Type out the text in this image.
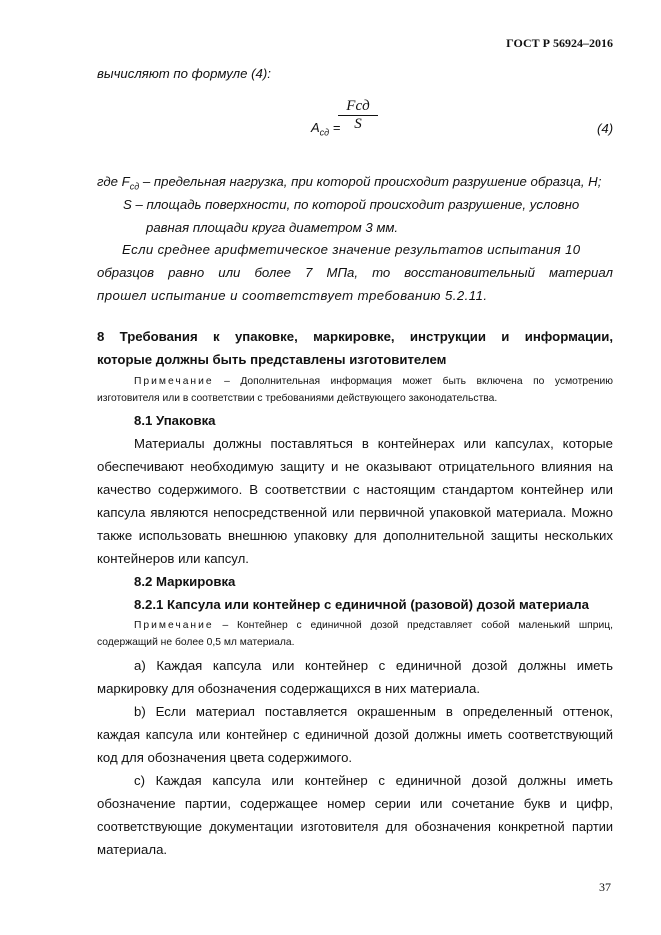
ГОСТ Р 56924–2016
вычисляют по формуле (4):
$A_{сд}$ =
Fсд
S	(4)
где $F_{сд}$ – предельная нагрузка, при которой происходит разрушение образца, Н;
S – площадь поверхности, по которой происходит разрушение, условно
равная площади круга диаметром 3 мм.
Если среднее арифметическое значение результатов испытания 10
образцов равно или более 7 МПа, то восстановительный материал
прошел испытание и соответствует требованию 5.2.11.
8 Требования к упаковке, маркировке, инструкции и информации,
которые должны быть представлены изготовителем
Примечание – Дополнительная информация может быть включена по усмотрению
изготовителя или в соответствии с требованиями действующего законодательства.
8.1 Упаковка
Материалы должны поставляться в контейнерах или капсулах, которые
обеспечивают необходимую защиту и не оказывают отрицательного влияния на
качество содержимого. В соответствии с настоящим стандартом контейнер или
капсула являются непосредственной или первичной упаковкой материала. Можно
также использовать внешнюю упаковку для дополнительной защиты нескольких
контейнеров или капсул.
8.2 Маркировка
8.2.1 Капсула или контейнер с единичной (разовой) дозой материала
Примечание – Контейнер с единичной дозой представляет собой маленький шприц,
содержащий не более 0,5 мл материала.
а) Каждая капсула или контейнер с единичной дозой должны иметь
маркировку для обозначения содержащихся в них материала.
b) Если материал поставляется окрашенным в определенный оттенок,
каждая капсула или контейнер с единичной дозой должны иметь соответствующий
код для обозначения цвета содержимого.
c) Каждая капсула или контейнер с единичной дозой должны иметь
обозначение партии, содержащее номер серии или сочетание букв и цифр,
соответствующие документации изготовителя для обозначения конкретной партии
материала.
37
